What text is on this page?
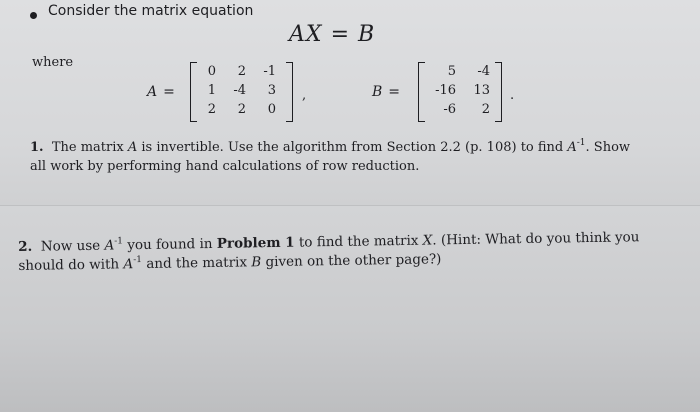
Consider the matrix equation
AX = B
where
A =
0	2	-1
1	-4	3
2	2	0
,	B =
5	-4
-16	13
-6	2
.
1. The matrix A is invertible. Use the algorithm from Section 2.2 (p. 108) to find $A^{-1}$. Show
all work by performing hand calculations of row reduction.
2. Now use $A^{-1}$ you found in Problem 1 to find the matrix X. (Hint: What do you think you
should do with $A^{-1}$ and the matrix B given on the other page?)
